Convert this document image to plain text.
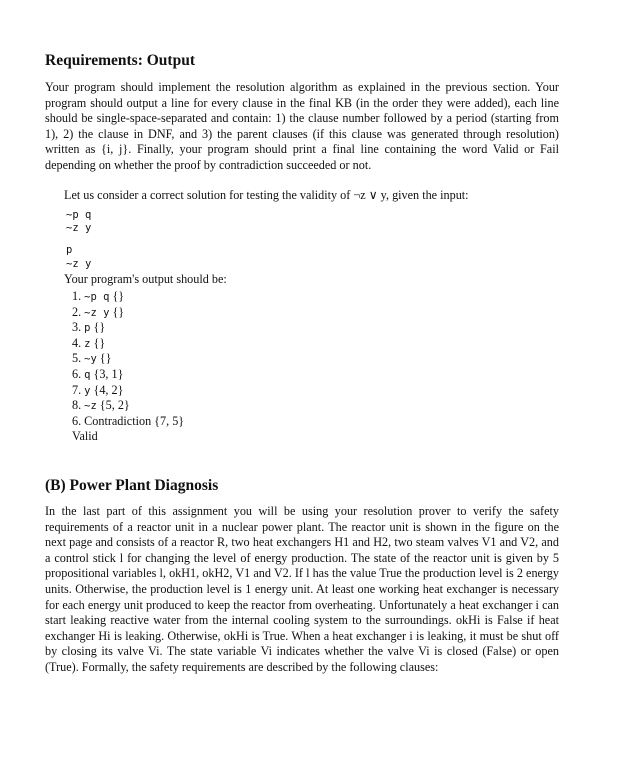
Requirements: Output

Your program should implement the resolution algorithm as explained in the previous section. Your program should output a line for every clause in the final KB (in the order they were added), each line should be single-space-separated and contain: 1) the clause number followed by a period (starting from 1), 2) the clause in DNF, and 3) the parent clauses (if this clause was generated through resolution) written as {i, j}. Finally, your program should print a final line containing the word Valid or Fail depending on whether the proof by contradiction succeeded or not.

Let us consider a correct solution for testing the validity of ¬z ∨ y, given the input:

~p q
~z y
p
~z y

Your program's output should be:

1. ~p q {}
2. ~z y {}
3. p {}
4. z {}
5. ~y {}
6. q {3, 1}
7. y {4, 2}
8. ~z {5, 2}
6. Contradiction {7, 5}
Valid
(B) Power Plant Diagnosis

In the last part of this assignment you will be using your resolution prover to verify the safety requirements of a reactor unit in a nuclear power plant. The reactor unit is shown in the figure on the next page and consists of a reactor R, two heat exchangers H1 and H2, two steam valves V1 and V2, and a control stick l for changing the level of energy production. The state of the reactor unit is given by 5 propositional variables l, okH1, okH2, V1 and V2. If l has the value True the production level is 2 energy units. Otherwise, the production level is 1 energy unit. At least one working heat exchanger is necessary for each energy unit produced to keep the reactor from overheating. Unfortunately a heat exchanger i can start leaking reactive water from the internal cooling system to the surroundings. okHi is False if heat exchanger Hi is leaking. Otherwise, okHi is True. When a heat exchanger i is leaking, it must be shut off by closing its valve Vi. The state variable Vi indicates whether the valve Vi is closed (False) or open (True). Formally, the safety requirements are described by the following clauses:
